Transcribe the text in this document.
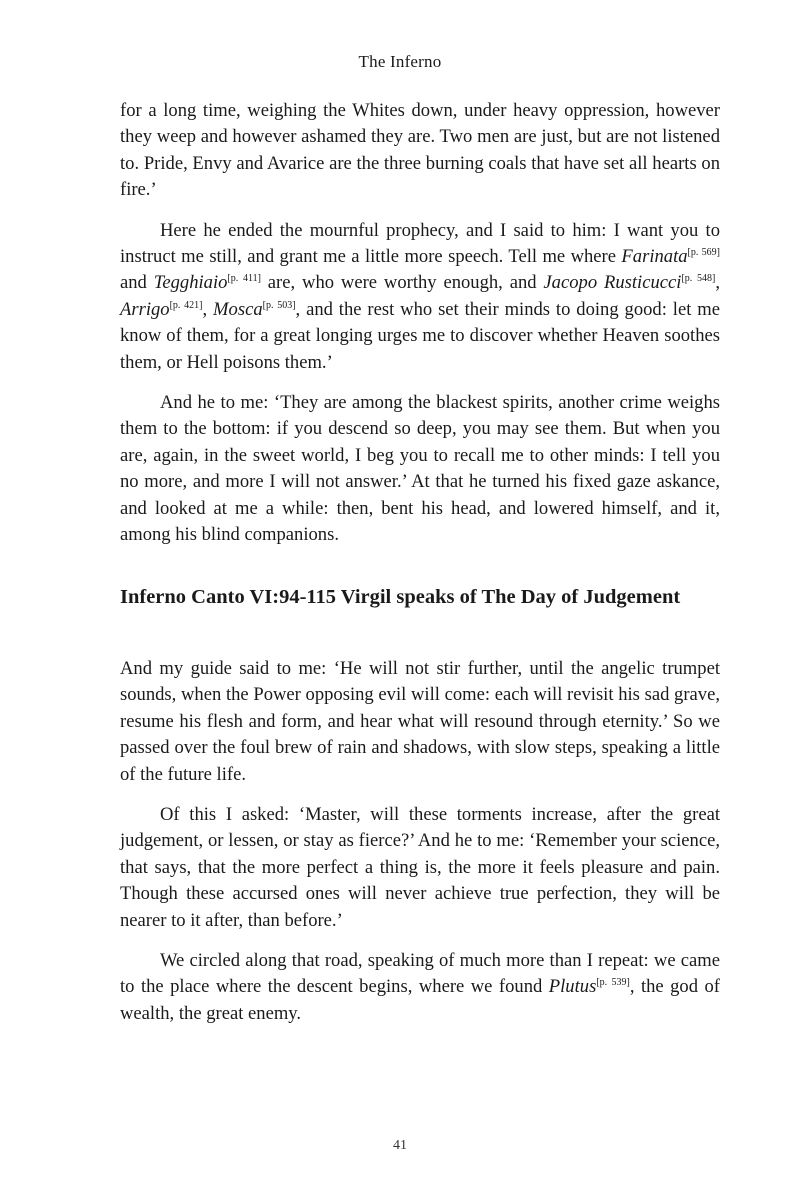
The Inferno

for a long time, weighing the Whites down, under heavy oppression, however they weep and however ashamed they are. Two men are just, but are not listened to. Pride, Envy and Avarice are the three burning coals that have set all hearts on fire.’

Here he ended the mournful prophecy, and I said to him: I want you to instruct me still, and grant me a little more speech. Tell me where Farinata[p. 569] and Tegghiaio[p. 411] are, who were worthy enough, and Jacopo Rusticucci[p. 548], Arrigo[p. 421], Mosca[p. 503], and the rest who set their minds to doing good: let me know of them, for a great longing urges me to discover whether Heaven soothes them, or Hell poisons them.’

And he to me: ‘They are among the blackest spirits, another crime weighs them to the bottom: if you descend so deep, you may see them. But when you are, again, in the sweet world, I beg you to recall me to other minds: I tell you no more, and more I will not answer.’ At that he turned his fixed gaze askance, and looked at me a while: then, bent his head, and lowered himself, and it, among his blind companions.

Inferno Canto VI:94-115 Virgil speaks of The Day of Judgement

And my guide said to me: ‘He will not stir further, until the angelic trumpet sounds, when the Power opposing evil will come: each will revisit his sad grave, resume his flesh and form, and hear what will resound through eternity.’ So we passed over the foul brew of rain and shadows, with slow steps, speaking a little of the future life.

Of this I asked: ‘Master, will these torments increase, after the great judgement, or lessen, or stay as fierce?’ And he to me: ‘Remember your science, that says, that the more perfect a thing is, the more it feels pleasure and pain. Though these accursed ones will never achieve true perfection, they will be nearer to it after, than before.’

We circled along that road, speaking of much more than I repeat: we came to the place where the descent begins, where we found Plutus[p. 539], the god of wealth, the great enemy.

41
